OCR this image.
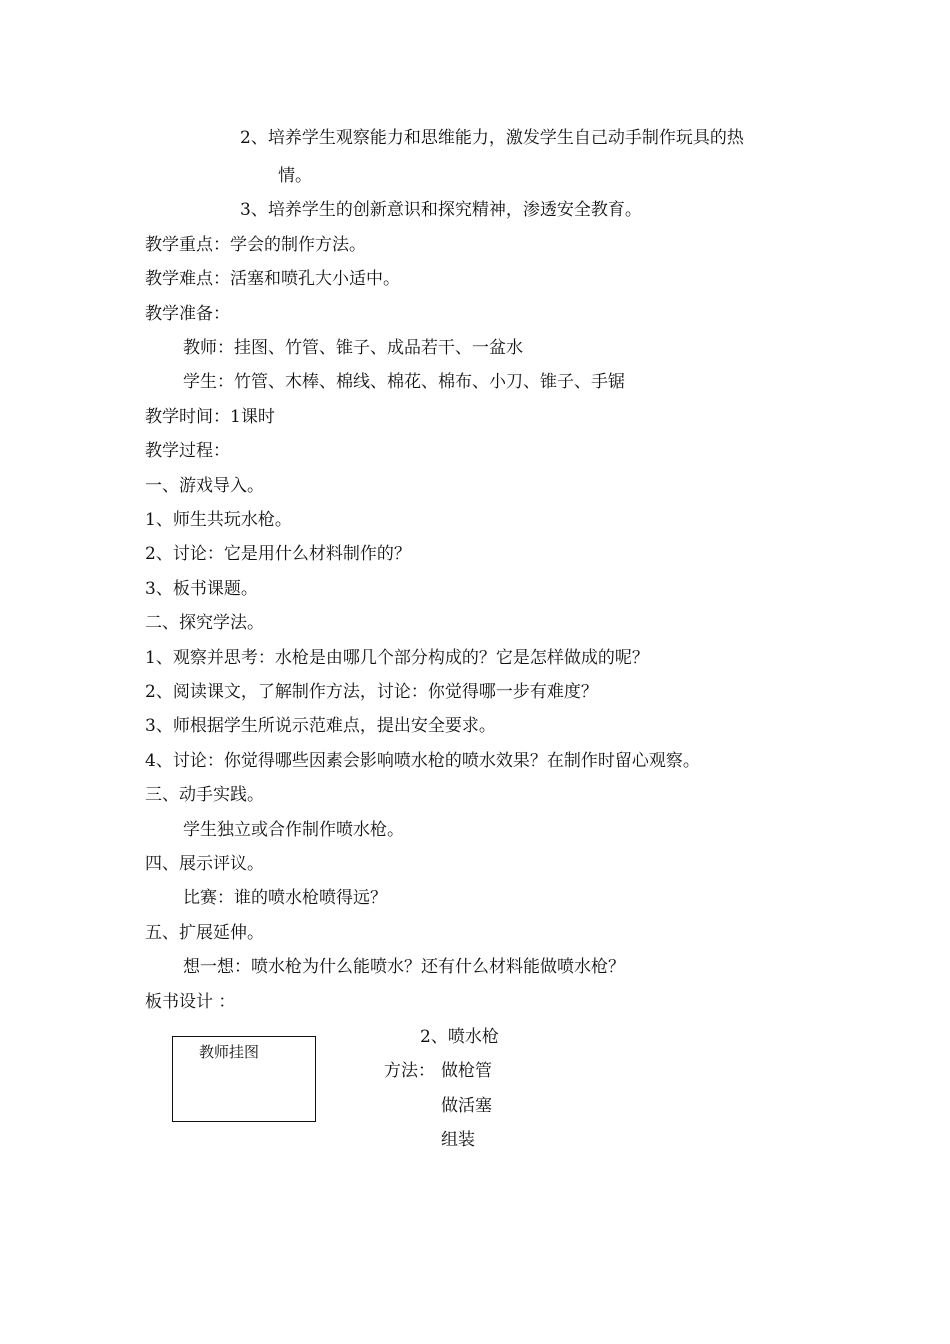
2、培养学生观察能力和思维能力，激发学生自己动手制作玩具的热
情。
3、培养学生的创新意识和探究精神，渗透安全教育。
教学重点：学会的制作方法。
教学难点：活塞和喷孔大小适中。
教学准备：
教师：挂图、竹管、锥子、成品若干、一盆水
学生：竹管、木棒、棉线、棉花、棉布、小刀、锥子、手锯
教学时间：1课时
教学过程：
一、游戏导入。
1、师生共玩水枪。
2、讨论：它是用什么材料制作的？
3、板书课题。
二、探究学法。
1、观察并思考：水枪是由哪几个部分构成的？它是怎样做成的呢？
2、阅读课文，了解制作方法，讨论：你觉得哪一步有难度？
3、师根据学生所说示范难点，提出安全要求。
4、讨论：你觉得哪些因素会影响喷水枪的喷水效果？在制作时留心观察。
三、动手实践。
学生独立或合作制作喷水枪。
四、展示评议。
比赛：谁的喷水枪喷得远？
五、扩展延伸。
想一想：喷水枪为什么能喷水？还有什么材料能做喷水枪？
板书设计 ：
教师挂图
2、喷水枪
方法： 做枪管
做活塞
组装
